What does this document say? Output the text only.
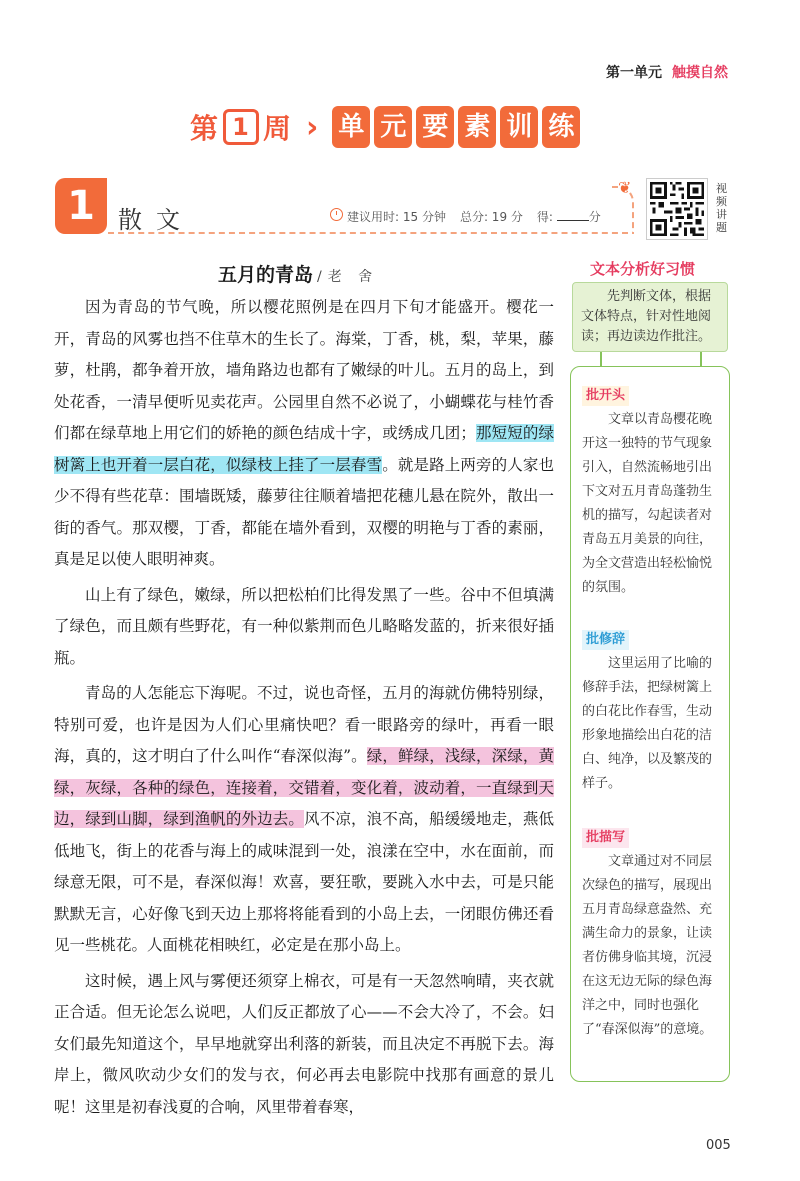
第一单元 触摸自然
第 1 周 › 单 元 要 素 训 练
1 散文
❦
建议用时: 15 分钟 总分: 19 分 得:	分
视频讲题
五月的青岛 /老 舍

因为青岛的节气晚，所以樱花照例是在四月下旬才能盛开。樱花一开，青岛的风雾也挡不住草木的生长了。海棠，丁香，桃，梨，苹果，藤萝，杜鹃，都争着开放，墙角路边也都有了嫩绿的叶儿。五月的岛上，到处花香，一清早便听见卖花声。公园里自然不必说了，小蝴蝶花与桂竹香们都在绿草地上用它们的娇艳的颜色结成十字，或绣成几团；那短短的绿树篱上也开着一层白花，似绿枝上挂了一层春雪。就是路上两旁的人家也少不得有些花草：围墙既矮，藤萝往往顺着墙把花穗儿悬在院外，散出一街的香气。那双樱，丁香，都能在墙外看到，双樱的明艳与丁香的素丽，真是足以使人眼明神爽。

山上有了绿色，嫩绿，所以把松柏们比得发黑了一些。谷中不但填满了绿色，而且颇有些野花，有一种似紫荆而色儿略略发蓝的，折来很好插瓶。

青岛的人怎能忘下海呢。不过，说也奇怪，五月的海就仿佛特别绿，特别可爱，也许是因为人们心里痛快吧？看一眼路旁的绿叶，再看一眼海，真的，这才明白了什么叫作“春深似海”。绿，鲜绿，浅绿，深绿，黄绿，灰绿，各种的绿色，连接着，交错着，变化着，波动着，一直绿到天边，绿到山脚，绿到渔帆的外边去。风不凉，浪不高，船缓缓地走，燕低低地飞，街上的花香与海上的咸味混到一处，浪漾在空中，水在面前，而绿意无限，可不是，春深似海！欢喜，要狂歌，要跳入水中去，可是只能默默无言，心好像飞到天边上那将将能看到的小岛上去，一闭眼仿佛还看见一些桃花。人面桃花相映红，必定是在那小岛上。

这时候，遇上风与雾便还须穿上棉衣，可是有一天忽然响晴，夹衣就正合适。但无论怎么说吧，人们反正都放了心——不会大冷了，不会。妇女们最先知道这个，早早地就穿出利落的新装，而且决定不再脱下去。海岸上，微风吹动少女们的发与衣，何必再去电影院中找那有画意的景儿呢！这里是初春浅夏的合响，风里带着春寒，

文本分析好习惯
先判断文体，根据文体特点，针对性地阅读；再边读边作批注。
批开头

文章以青岛樱花晚开这一独特的节气现象引入，自然流畅地引出下文对五月青岛蓬勃生机的描写，勾起读者对青岛五月美景的向往，为全文营造出轻松愉悦的氛围。

批修辞

这里运用了比喻的修辞手法，把绿树篱上的白花比作春雪，生动形象地描绘出白花的洁白、纯净，以及繁茂的样子。

批描写

文章通过对不同层次绿色的描写，展现出五月青岛绿意盎然、充满生命力的景象，让读者仿佛身临其境，沉浸在这无边无际的绿色海洋之中，同时也强化了“春深似海”的意境。

005
